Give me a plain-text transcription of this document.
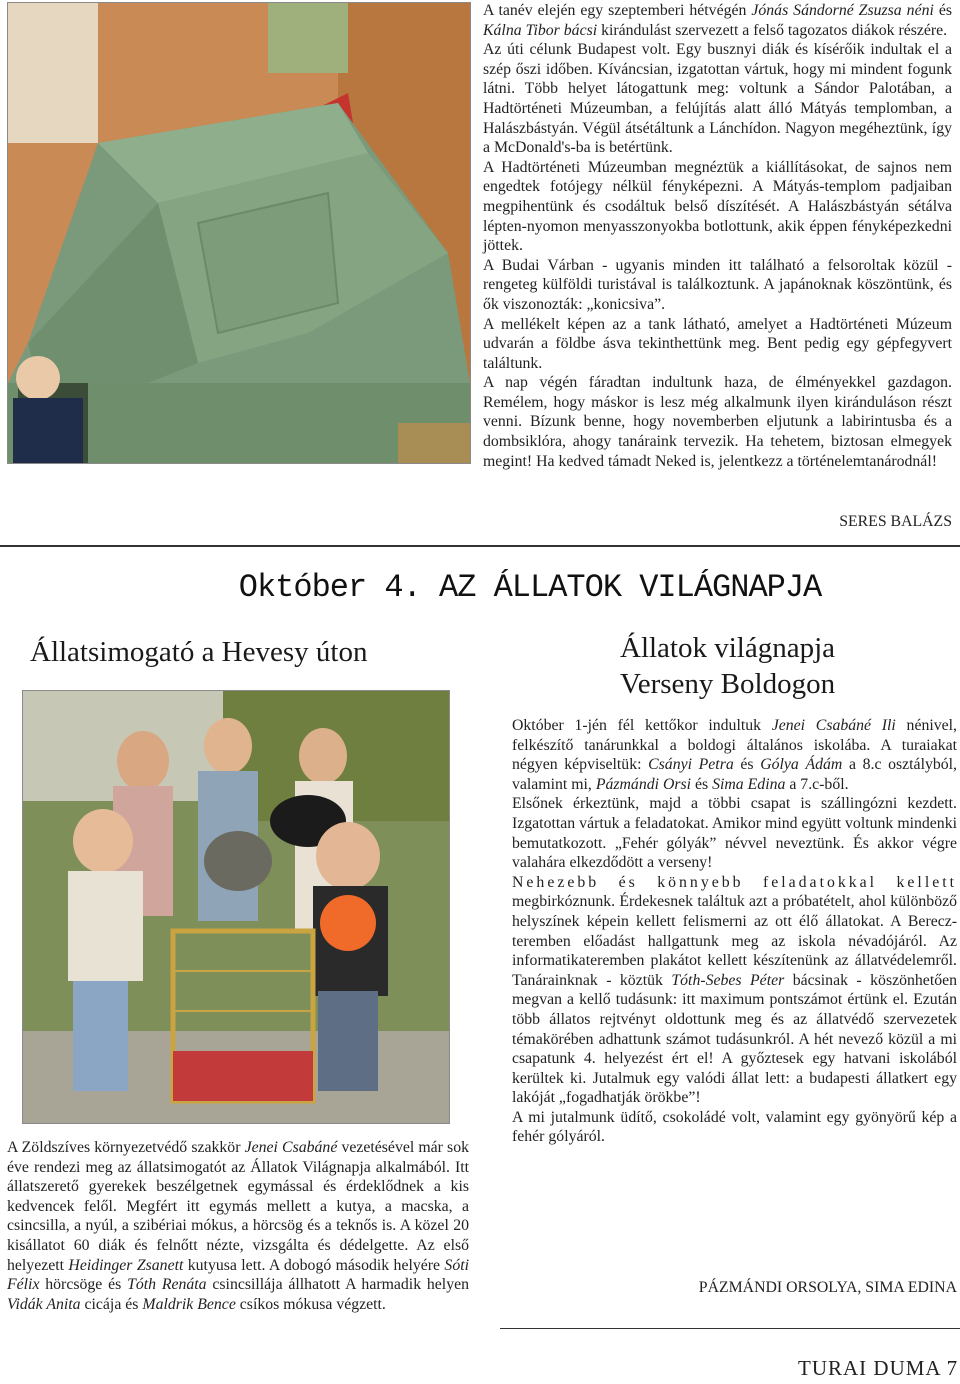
A tanév elején egy szeptemberi hétvégén Jónás Sándorné Zsuzsa néni és Kálna Tibor bácsi kirándulást szervezett a felső tagozatos diákok részére.

Az úti célunk Budapest volt. Egy busznyi diák és kísérőik indultak el a szép őszi időben. Kíváncsian, izgatottan vártuk, hogy mi mindent fogunk látni. Több helyet látogattunk meg: voltunk a Sándor Palotában, a Hadtörténeti Múzeumban, a felújítás alatt álló Mátyás templomban, a Halászbástyán. Végül átsétáltunk a Lánchídon. Nagyon megéheztünk, így a McDonald's-ba is betértünk.

A Hadtörténeti Múzeumban megnéztük a kiállításokat, de sajnos nem engedtek fotójegy nélkül fényképezni. A Mátyás-templom padjaiban megpihentünk és csodáltuk belső díszítését. A Halászbástyán sétálva lépten-nyomon menyasszonyokba botlottunk, akik éppen fényképezkedni jöttek.

A Budai Várban - ugyanis minden itt található a felsoroltak közül - rengeteg külföldi turistával is találkoztunk. A japánoknak köszöntünk, és ők viszonozták: „konicsiva”.

A mellékelt képen az a tank látható, amelyet a Hadtörténeti Múzeum udvarán a földbe ásva tekinthettünk meg. Bent pedig egy gépfegyvert találtunk.

A nap végén fáradtan indultunk haza, de élményekkel gazdagon. Remélem, hogy máskor is lesz még alkalmunk ilyen kiránduláson részt venni. Bízunk benne, hogy novemberben eljutunk a labirintusba és a dombsiklóra, ahogy tanáraink tervezik. Ha tehetem, biztosan elmegyek megint! Ha kedved támadt Neked is, jelentkezz a történelemtanárodnál!

SERES BALÁZS
Október 4. AZ ÁLLATOK VILÁGNAPJA
Állatsimogató a Hevesy úton

A Zöldszíves környezetvédő szakkör Jenei Csabáné vezetésével már sok éve rendezi meg az állatsimogatót az Állatok Világnapja alkalmából. Itt állatszerető gyerekek beszélgetnek egymással és érdeklődnek a kis kedvencek felől. Megfért itt egymás mellett a kutya, a macska, a csincsilla, a nyúl, a szibériai mókus, a hörcsög és a teknős is. A közel 20 kisállatot 60 diák és felnőtt nézte, vizsgálta és dédelgette. Az első helyezett Heidinger Zsanett kutyusa lett. A dobogó második helyére Sóti Félix hörcsöge és Tóth Renáta csincsillája állhatott A harmadik helyen Vidák Anita cicája és Maldrik Bence csíkos mókusa végzett.

Állatok világnapja
Verseny Boldogon

Október 1-jén fél kettőkor indultuk Jenei Csabáné Ili nénivel, felkészítő tanárunkkal a boldogi általános iskolába. A turaiakat négyen képviseltük: Csányi Petra és Gólya Ádám a 8.c osztályból, valamint mi, Pázmándi Orsi és Sima Edina a 7.c-ből.

Elsőnek érkeztünk, majd a többi csapat is szállingózni kezdett. Izgatottan vártuk a feladatokat. Amikor mind együtt voltunk mindenki bemutatkozott. „Fehér gólyák” névvel neveztünk. És akkor végre valahára elkezdődött a verseny!

Nehezebb és könnyebb feladatokkal kellett megbirkóznunk. Érdekesnek találtuk azt a próbatételt, ahol különböző helyszínek képein kellett felismerni az ott élő állatokat. A Berecz-teremben előadást hallgattunk meg az iskola névadójáról. Az informatikateremben plakátot kellett készítenünk az állatvédelemről. Tanárainknak - köztük Tóth-Sebes Péter bácsinak - köszönhetően megvan a kellő tudásunk: itt maximum pontszámot értünk el. Ezután több állatos rejtvényt oldottunk meg és az állatvédő szervezetek témakörében adhattunk számot tudásunkról. A hét nevező közül a mi csapatunk 4. helyezést ért el! A győztesek egy hatvani iskolából kerültek ki. Jutalmuk egy valódi állat lett: a budapesti állatkert egy lakóját „fogadhatják örökbe”!

A mi jutalmunk üdítő, csokoládé volt, valamint egy gyönyörű kép a fehér gólyáról.

PÁZMÁNDI ORSOLYA, SIMA EDINA
TURAI DUMA 7
